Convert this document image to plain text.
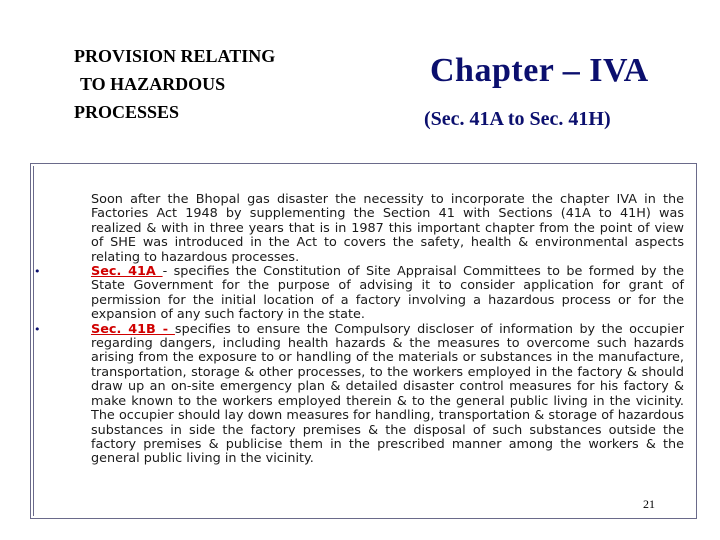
PROVISION RELATING
TO HAZARDOUS
PROCESSES
Chapter – IVA
(Sec. 41A to Sec. 41H)

Soon after the Bhopal gas disaster the necessity to incorporate the chapter IVA in the Factories Act 1948 by supplementing the Section 41 with Sections (41A to 41H) was realized & with in three years that is in 1987 this important chapter from the point of view of SHE was introduced in the Act to covers the safety, health & environmental aspects relating to hazardous processes.

•	Sec. 41A - specifies the Constitution of Site Appraisal Committees to be formed by the State Government for the purpose of advising it to consider application for grant of permission for the initial location of a factory involving a hazardous process or for the expansion of any such factory in the state.

•	Sec. 41B - specifies to ensure the Compulsory discloser of information by the occupier regarding dangers, including health hazards & the measures to overcome such hazards arising from the exposure to or handling of the materials or substances in the manufacture, transportation, storage & other processes, to the workers employed in the factory & should draw up an on-site emergency plan & detailed disaster control measures for his factory & make known to the workers employed therein & to the general public living in the vicinity. The occupier should lay down measures for handling, transportation & storage of hazardous substances in side the factory premises & the disposal of such substances outside the factory premises & publicise them in the prescribed manner among the workers & the general public living in the vicinity.

21
